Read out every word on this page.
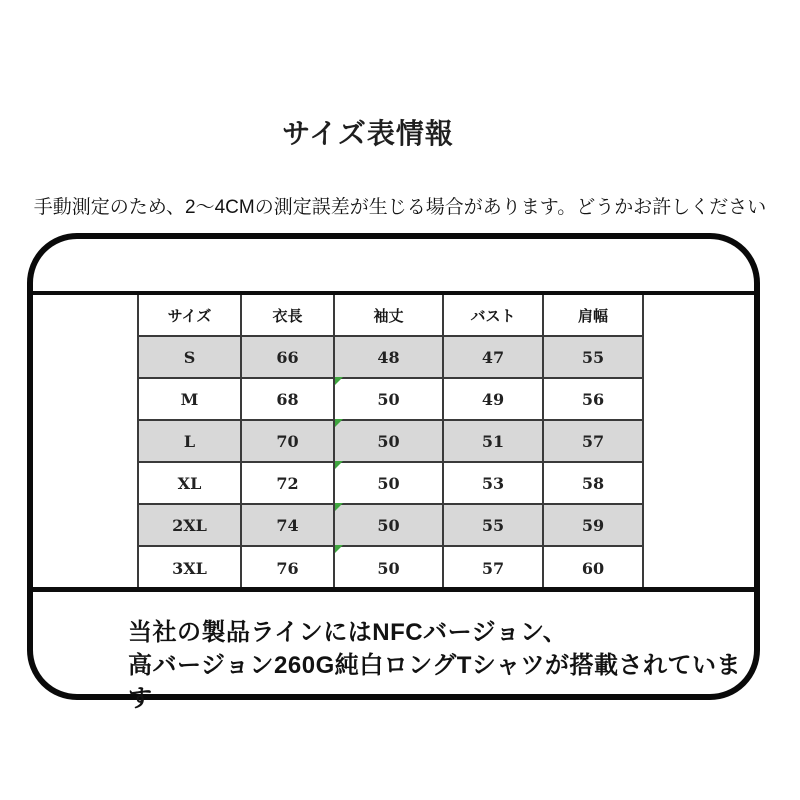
サイズ表情報

手動測定のため、2～4CMの測定誤差が生じる場合があります。どうかお許しください

サイズ	衣長	袖丈	バスト	肩幅
S	66	48	47	55
M	68	50	49	56
L	70	50	51	57
XL	72	50	53	58
2XL	74	50	55	59
3XL	76	50	57	60
当社の製品ラインにはNFCバージョン、
高バージョン260G純白ロングTシャツが搭載されています
